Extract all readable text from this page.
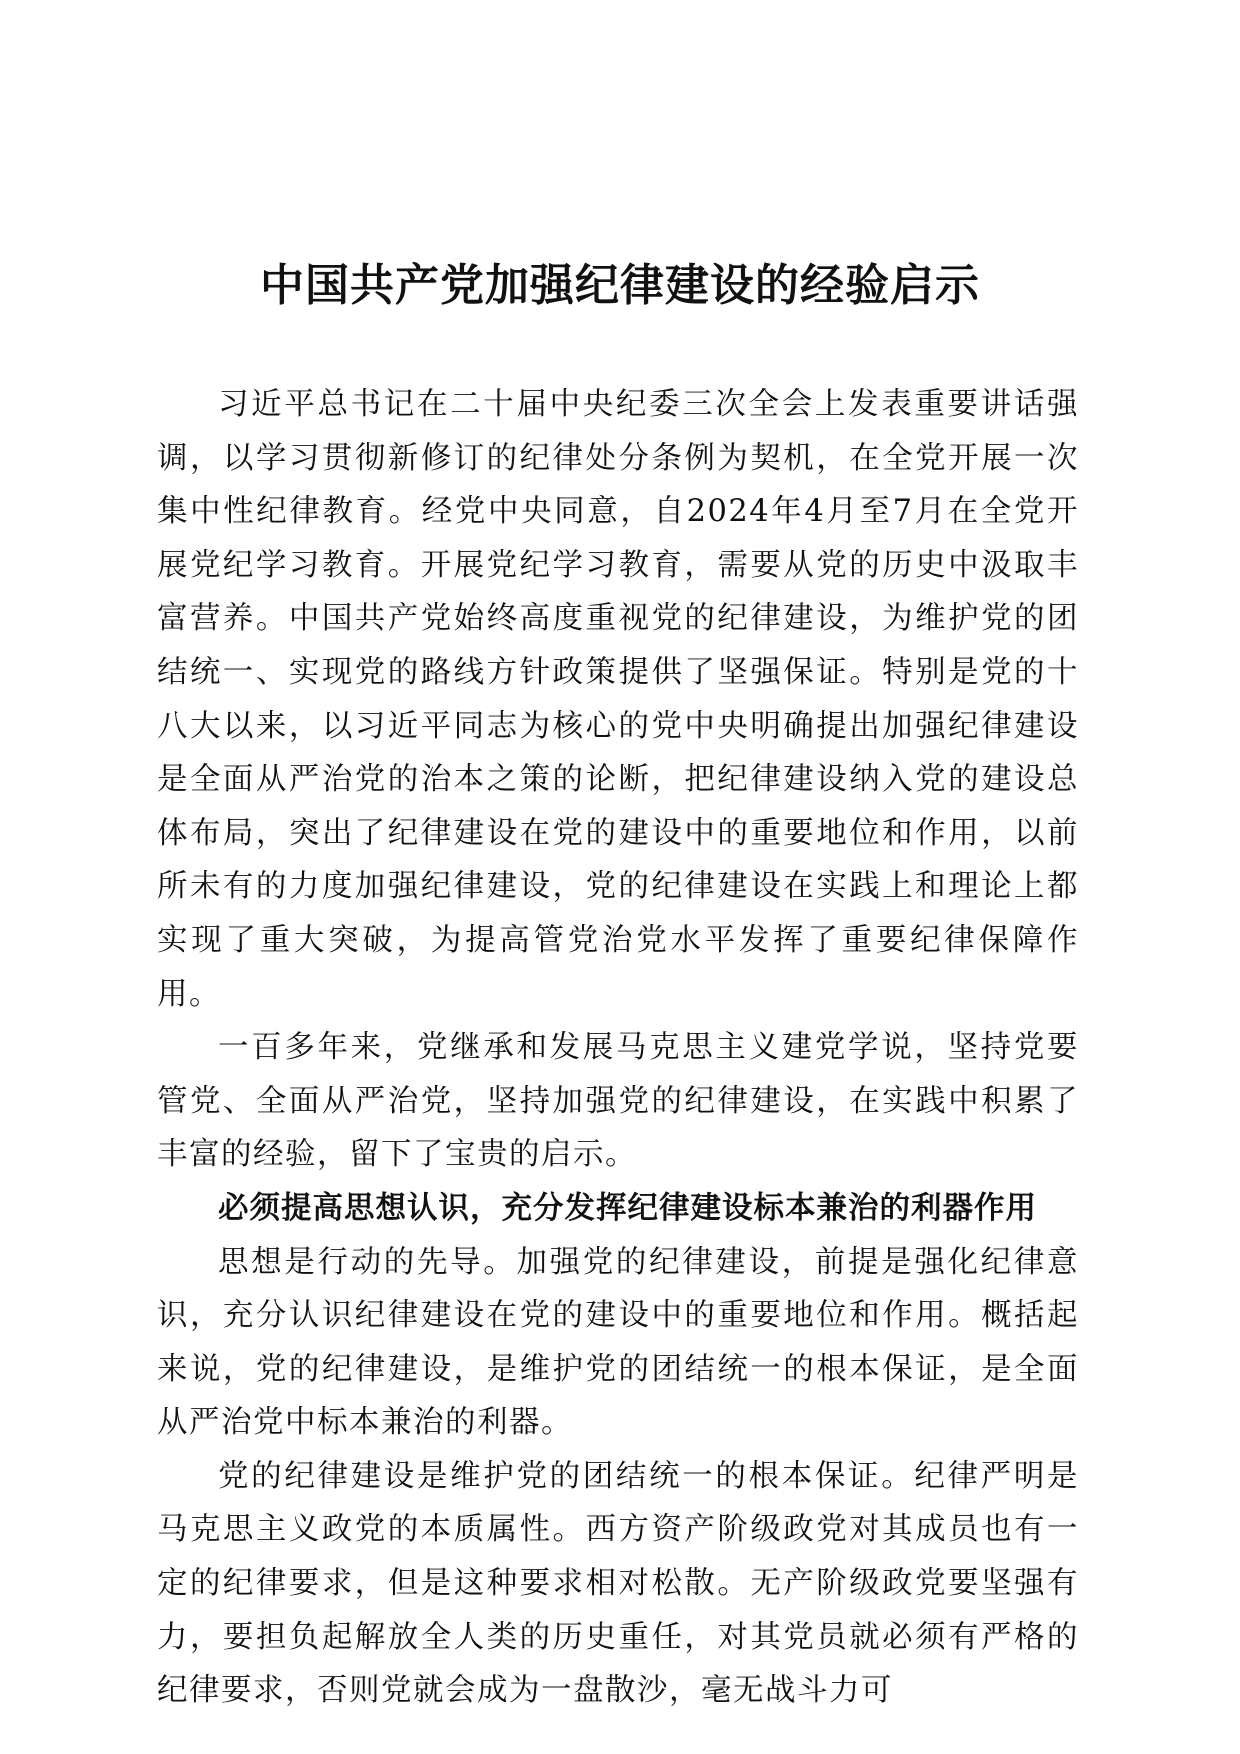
中国共产党加强纪律建设的经验启示

习近平总书记在二十届中央纪委三次全会上发表重要讲话强调，以学习贯彻新修订的纪律处分条例为契机，在全党开展一次集中性纪律教育。经党中央同意，自2024年4月至7月在全党开展党纪学习教育。开展党纪学习教育，需要从党的历史中汲取丰富营养。中国共产党始终高度重视党的纪律建设，为维护党的团结统一、实现党的路线方针政策提供了坚强保证。特别是党的十八大以来，以习近平同志为核心的党中央明确提出加强纪律建设是全面从严治党的治本之策的论断，把纪律建设纳入党的建设总体布局，突出了纪律建设在党的建设中的重要地位和作用，以前所未有的力度加强纪律建设，党的纪律建设在实践上和理论上都实现了重大突破，为提高管党治党水平发挥了重要纪律保障作用。

一百多年来，党继承和发展马克思主义建党学说，坚持党要管党、全面从严治党，坚持加强党的纪律建设，在实践中积累了丰富的经验，留下了宝贵的启示。

必须提高思想认识，充分发挥纪律建设标本兼治的利器作用

思想是行动的先导。加强党的纪律建设，前提是强化纪律意识，充分认识纪律建设在党的建设中的重要地位和作用。概括起来说，党的纪律建设，是维护党的团结统一的根本保证，是全面从严治党中标本兼治的利器。

党的纪律建设是维护党的团结统一的根本保证。纪律严明是马克思主义政党的本质属性。西方资产阶级政党对其成员也有一定的纪律要求，但是这种要求相对松散。无产阶级政党要坚强有力，要担负起解放全人类的历史重任，对其党员就必须有严格的纪律要求，否则党就会成为一盘散沙，毫无战斗力可
